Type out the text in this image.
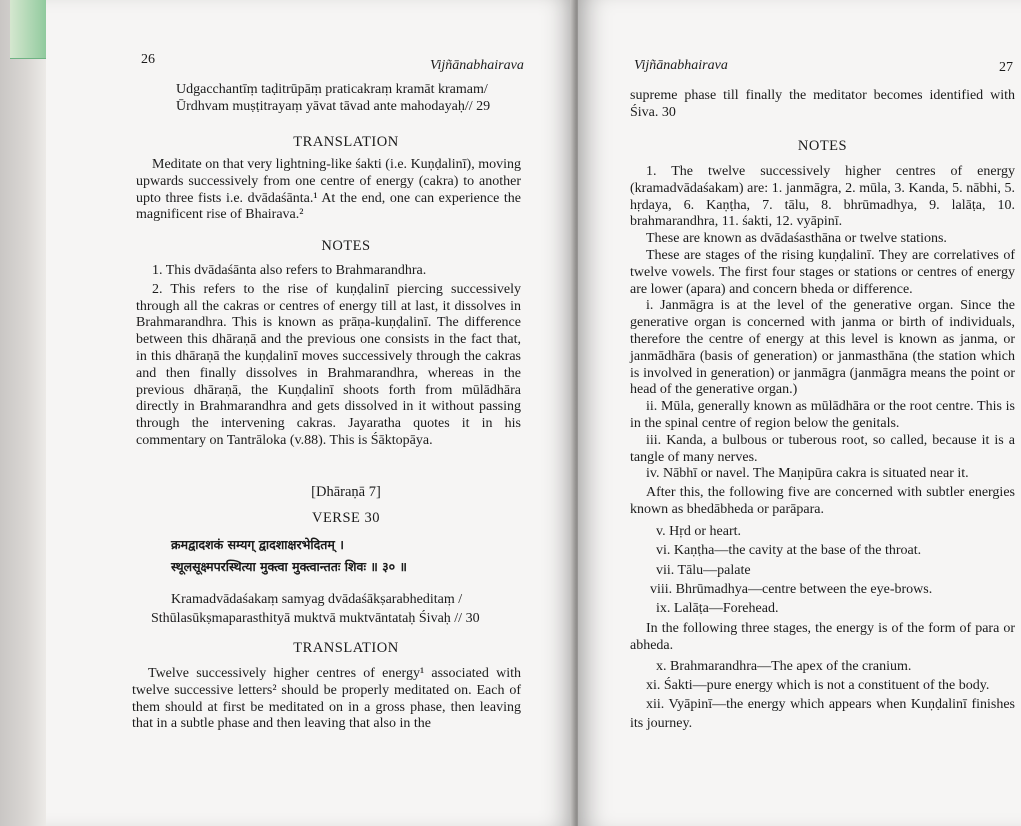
26	Vijñānabhairava

Udgacchantīṃ taḍitrūpāṃ praticakraṃ kramāt kramam/

Ūrdhvam muṣṭitrayaṃ yāvat tāvad ante mahodayaḥ// 29

TRANSLATION
Meditate on that very lightning-like śakti (i.e. Kuṇḍalinī), moving upwards successively from one centre of energy (cakra) to another upto three fists i.e. dvādaśānta.¹ At the end, one can experience the magnificent rise of Bhairava.²
NOTES

1. This dvādaśānta also refers to Brahmarandhra.

2. This refers to the rise of kuṇḍalinī piercing successively through all the cakras or centres of energy till at last, it dissolves in Brahmarandhra. This is known as prāṇa-kuṇḍalinī. The difference between this dhāraṇā and the previous one consists in the fact that, in this dhāraṇā the kuṇḍalinī moves successively through the cakras and then finally dissolves in Brahmarandhra, whereas in the previous dhāraṇā, the Kuṇḍalinī shoots forth from mūlādhāra directly in Brahmarandhra and gets dissolved in it without passing through the intervening cakras. Jayaratha quotes it in his commentary on Tantrāloka (v.88). This is Śāktopāya.

[Dhāraṇā 7]
VERSE 30

क्रमद्वादशकं सम्यग् द्वादशाक्षरभेदितम् ।

स्थूलसूक्ष्मपरस्थित्या मुक्त्वा मुक्त्वान्ततः शिवः ॥ ३० ॥

Kramadvādaśakaṃ samyag dvādaśākṣarabheditaṃ /

Sthūlasūkṣmaparasthityā muktvā muktvāntataḥ Śivaḥ // 30

TRANSLATION
Twelve successively higher centres of energy¹ associated with twelve successive letters² should be properly meditated on. Each of them should at first be meditated on in a gross phase, then leaving that in a subtle phase and then leaving that also in the
Vijñānabhairava	27
supreme phase till finally the meditator becomes identified with Śiva. 30
NOTES

1. The twelve successively higher centres of energy (kramadvādaśakam) are: 1. janmāgra, 2. mūla, 3. Kanda, 5. nābhi, 5. hṛdaya, 6. Kaṇṭha, 7. tālu, 8. bhrūmadhya, 9. lalāṭa, 10. brahmarandhra, 11. śakti, 12. vyāpinī.

These are known as dvādaśasthāna or twelve stations.

These are stages of the rising kuṇḍalinī. They are correlatives of twelve vowels. The first four stages or stations or centres of energy are lower (apara) and concern bheda or difference.

i. Janmāgra is at the level of the generative organ. Since the generative organ is concerned with janma or birth of individuals, therefore the centre of energy at this level is known as janma, or janmādhāra (basis of generation) or janmasthāna (the station which is involved in generation) or janmāgra (janmāgra means the point or head of the generative organ.)

ii. Mūla, generally known as mūlādhāra or the root centre. This is in the spinal centre of region below the genitals.

iii. Kanda, a bulbous or tuberous root, so called, because it is a tangle of many nerves.

iv. Nābhī or navel. The Maṇipūra cakra is situated near it.

After this, the following five are concerned with subtler energies known as bhedābheda or parāpara.

v. Hṛd or heart.

vi. Kaṇṭha—the cavity at the base of the throat.

vii. Tālu—palate

viii. Bhrūmadhya—centre between the eye-brows.

ix. Lalāṭa—Forehead.

In the following three stages, the energy is of the form of para or abheda.

x. Brahmarandhra—The apex of the cranium.

xi. Śakti—pure energy which is not a constituent of the body.

xii. Vyāpinī—the energy which appears when Kuṇḍalinī finishes its journey.
